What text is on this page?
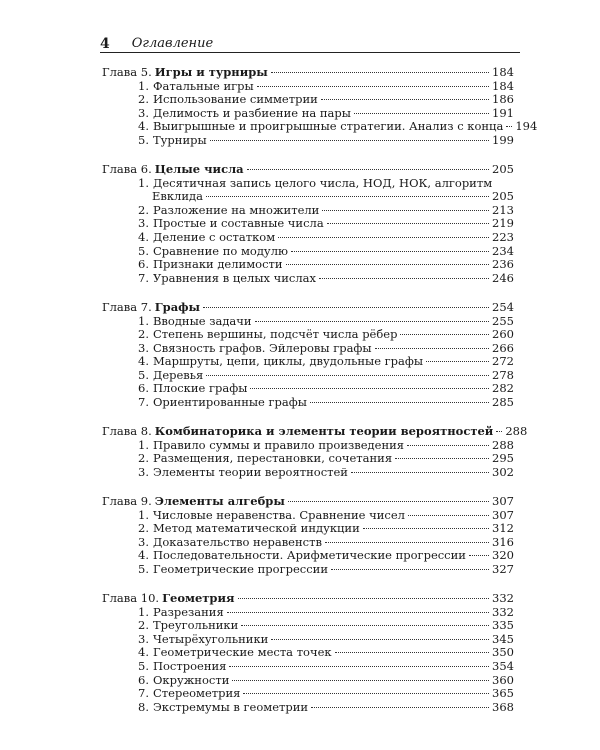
4 Оглавление
Глава 5. Игры и турниры	184
1. Фатальные игры	184
2. Использование симметрии	186
3. Делимость и разбиение на пары	191
4. Выигрышные и проигрышные стратегии. Анализ с конца 194
5. Турниры	199
Глава 6. Целые числа	205
1. Десятичная запись целого числа, НОД, НОК, алгоритм
Евклида	205
2. Разложение на множители	213
3. Простые и составные числа	219
4. Деление с остатком	223
5. Сравнение по модулю	234
6. Признаки делимости	236
7. Уравнения в целых числах	246
Глава 7. Графы	254
1. Вводные задачи	255
2. Степень вершины, подсчёт числа рёбер	260
3. Связность графов. Эйлеровы графы	266
4. Маршруты, цепи, циклы, двудольные графы	272
5. Деревья	278
6. Плоские графы	282
7. Ориентированные графы	285
Глава 8. Комбинаторика и элементы теории вероятностей 288
1. Правило суммы и правило произведения	288
2. Размещения, перестановки, сочетания	295
3. Элементы теории вероятностей	302
Глава 9. Элементы алгебры	307
1. Числовые неравенства. Сравнение чисел	307
2. Метод математической индукции	312
3. Доказательство неравенств	316
4. Последовательности. Арифметические прогрессии 320
5. Геометрические прогрессии	327
Глава 10. Геометрия	332
1. Разрезания	332
2. Треугольники	335
3. Четырёхугольники	345
4. Геометрические места точек	350
5. Построения	354
6. Окружности	360
7. Стереометрия	365
8. Экстремумы в геометрии	368
